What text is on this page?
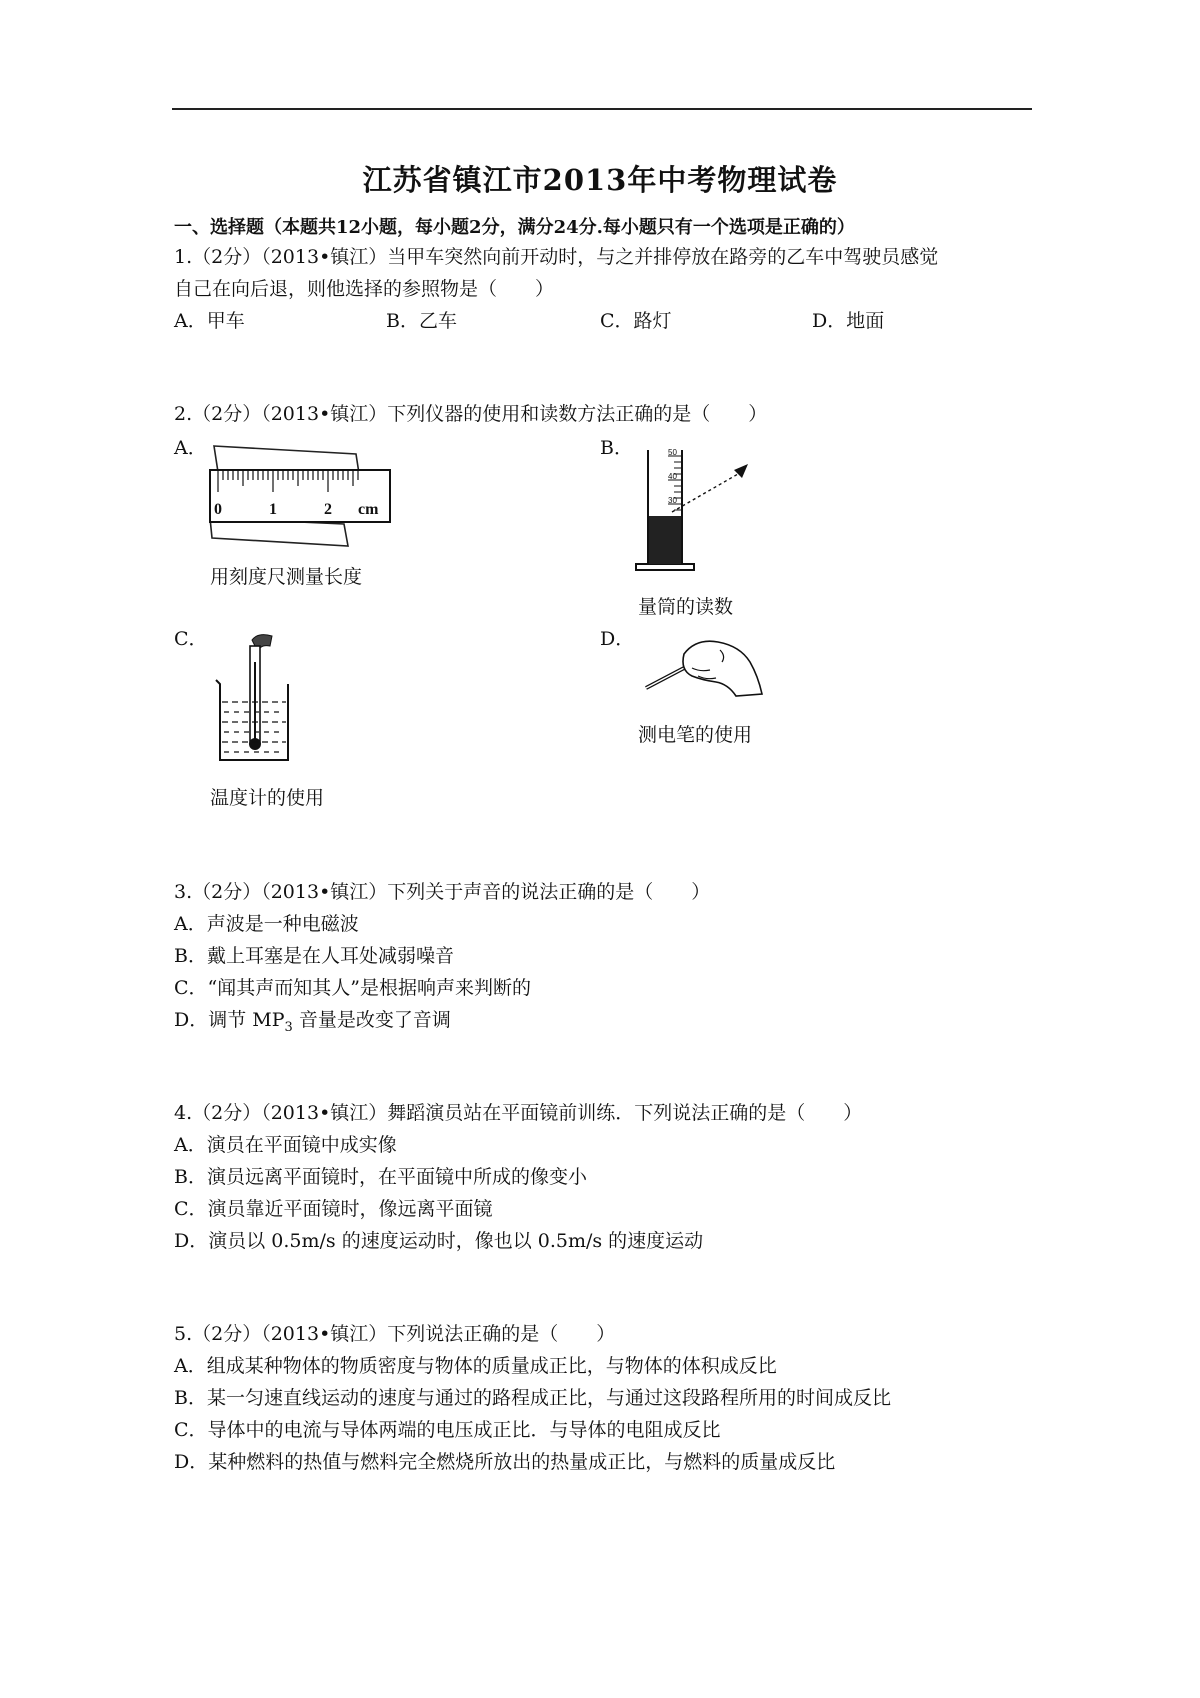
江苏省镇江市2013年中考物理试卷
一、选择题（本题共12小题，每小题2分，满分24分.每小题只有一个选项是正确的）
1.（2分）（2013•镇江）当甲车突然向前开动时，与之并排停放在路旁的乙车中驾驶员感觉
自己在向后退，则他选择的参照物是（　　）
A．甲车	B．乙车	C．路灯	D．地面
2.（2分）（2013•镇江）下列仪器的使用和读数方法正确的是（　　）
A．	B．
C．	D．
0	1	2 cm
用刻度尺测量长度
50
40
30
量筒的读数
温度计的使用
测电笔的使用
3.（2分）（2013•镇江）下列关于声音的说法正确的是（　　）
A．声波是一种电磁波
B．戴上耳塞是在人耳处减弱噪音
C．“闻其声而知其人”是根据响声来判断的
D．调节 $MP_3$ 音量是改变了音调
4.（2分）（2013•镇江）舞蹈演员站在平面镜前训练．下列说法正确的是（　　）
A．演员在平面镜中成实像
B．演员远离平面镜时，在平面镜中所成的像变小
C．演员靠近平面镜时，像远离平面镜
D．演员以 0.5m/s 的速度运动时，像也以 0.5m/s 的速度运动
5.（2分）（2013•镇江）下列说法正确的是（　　）
A．组成某种物体的物质密度与物体的质量成正比，与物体的体积成反比
B．某一匀速直线运动的速度与通过的路程成正比，与通过这段路程所用的时间成反比
C．导体中的电流与导体两端的电压成正比．与导体的电阻成反比
D．某种燃料的热值与燃料完全燃烧所放出的热量成正比，与燃料的质量成反比
